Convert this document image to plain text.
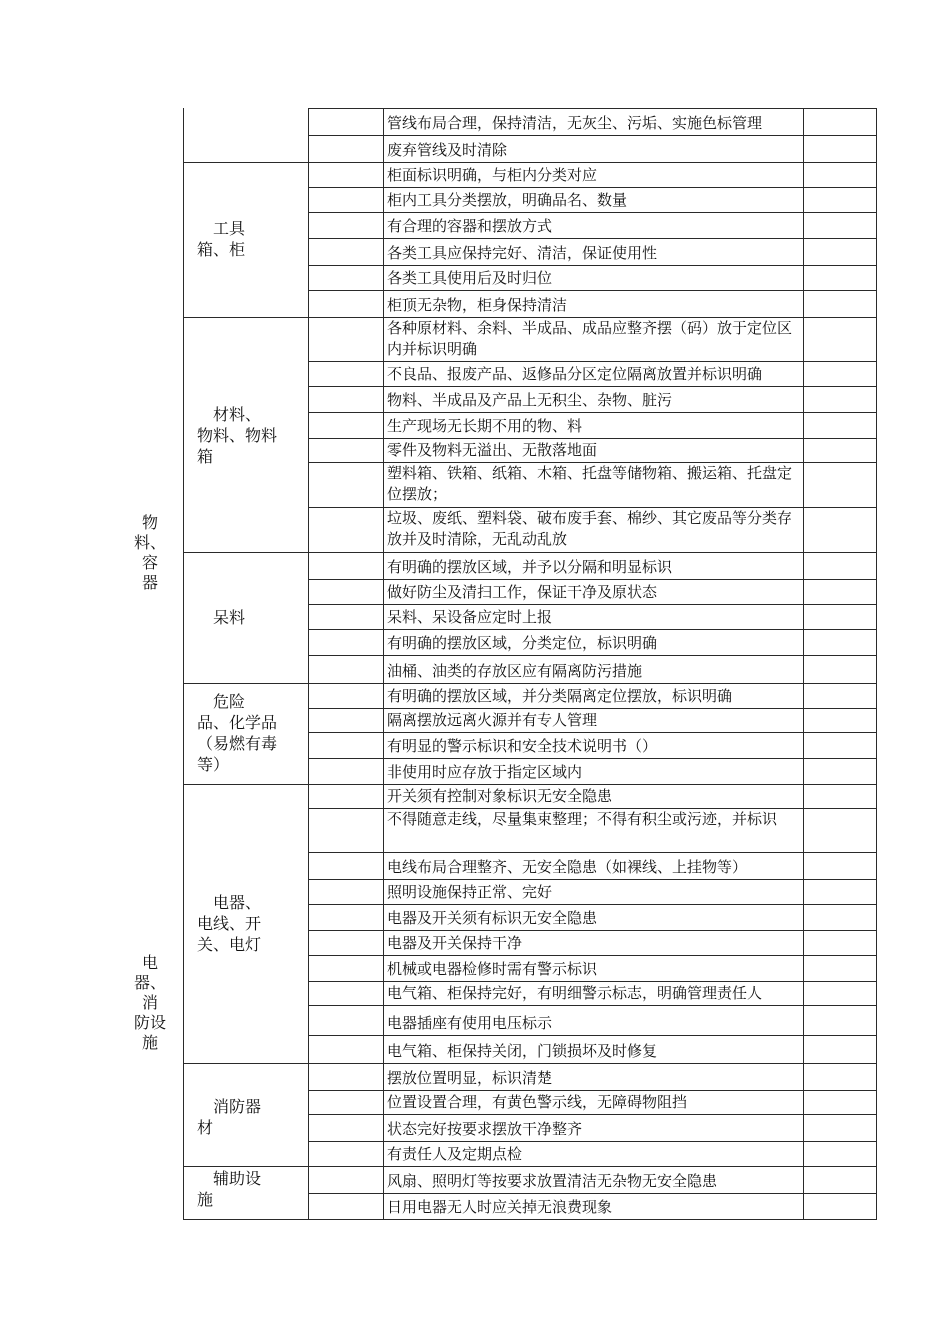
管线布局合理，保持清洁，无灰尘、污垢、实施色标管理
废弃管线及时清除
柜面标识明确，与柜内分类对应
柜内工具分类摆放，明确品名、数量
有合理的容器和摆放方式
各类工具应保持完好、清洁，保证使用性
各类工具使用后及时归位
柜顶无杂物，柜身保持清洁
各种原材料、余料、半成品、成品应整齐摆（码）放于定位区内并标识明确
不良品、报废产品、返修品分区定位隔离放置并标识明确
物料、半成品及产品上无积尘、杂物、脏污
生产现场无长期不用的物、料
零件及物料无溢出、无散落地面
塑料箱、铁箱、纸箱、木箱、托盘等储物箱、搬运箱、托盘定位摆放；
垃圾、废纸、塑料袋、破布废手套、棉纱、其它废品等分类存放并及时清除，无乱动乱放
有明确的摆放区域，并予以分隔和明显标识
做好防尘及清扫工作，保证干净及原状态
呆料、呆设备应定时上报
有明确的摆放区域，分类定位，标识明确
油桶、油类的存放区应有隔离防污措施
有明确的摆放区域，并分类隔离定位摆放，标识明确
隔离摆放远离火源并有专人管理
有明显的警示标识和安全技术说明书（）
非使用时应存放于指定区域内
开关须有控制对象标识无安全隐患
不得随意走线，尽量集束整理；不得有积尘或污迹，并标识
电线布局合理整齐、无安全隐患（如裸线、上挂物等）
照明设施保持正常、完好
电器及开关须有标识无安全隐患
电器及开关保持干净
机械或电器检修时需有警示标识
电气箱、柜保持完好，有明细警示标志，明确管理责任人
电器插座有使用电压标示
电气箱、柜保持关闭，门锁损坏及时修复
摆放位置明显，标识清楚
位置设置合理，有黄色警示线，无障碍物阻挡
状态完好按要求摆放干净整齐
有责任人及定期点检
风扇、照明灯等按要求放置清洁无杂物无安全隐患
日用电器无人时应关掉无浪费现象
　工具
箱、柜
　材料、
物料、物料
箱
　呆料
　危险
品、化学品
（易燃有毒
等）
　电器、
电线、开
关、电灯
　消防器
材
　辅助设
施
物
料、容
器
电
器、消
防设
施
